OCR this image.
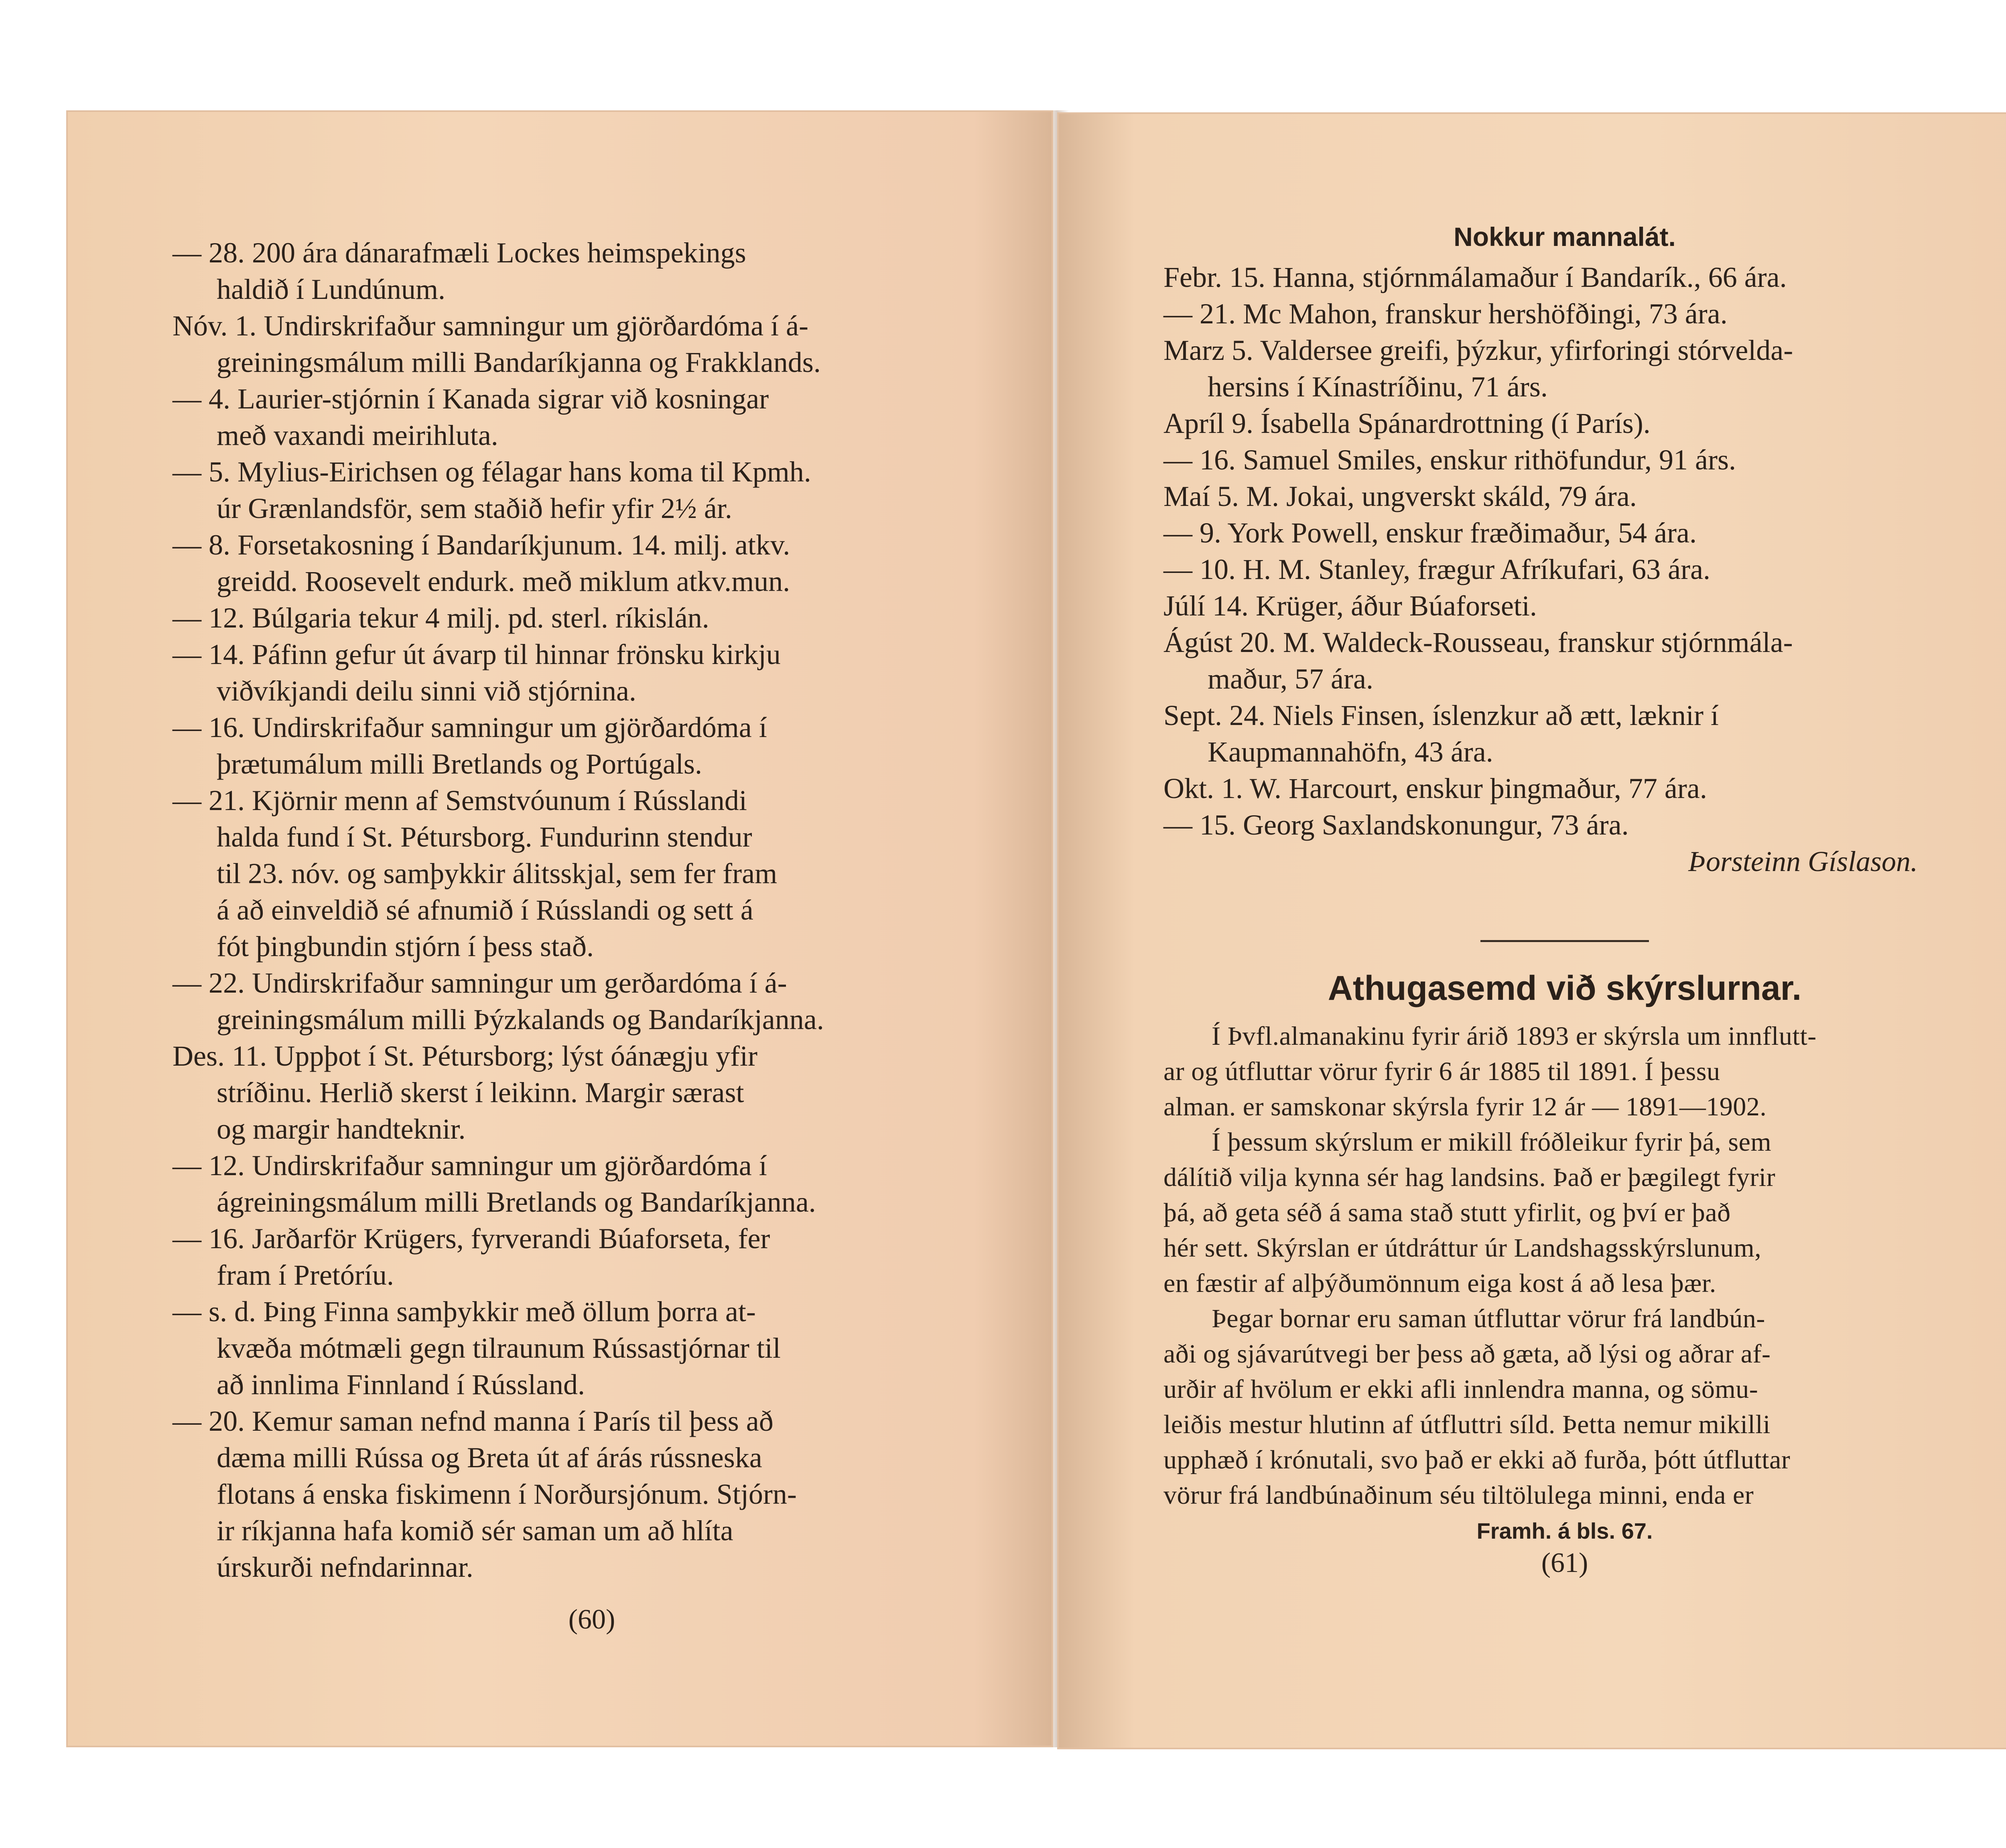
— 28. 200 ára dánarafmæli Lockes heimspekings
haldið í Lundúnum.
Nóv. 1. Undirskrifaður samningur um gjörðardóma í á-
greiningsmálum milli Bandaríkjanna og Frakklands.
— 4. Laurier-stjórnin í Kanada sigrar við kosningar
með vaxandi meirihluta.
— 5. Mylius-Eirichsen og félagar hans koma til Kpmh.
úr Grænlandsför, sem staðið hefir yfir 2½ ár.
— 8. Forsetakosning í Bandaríkjunum. 14. milj. atkv.
greidd. Roosevelt endurk. með miklum atkv.mun.
— 12. Búlgaria tekur 4 milj. pd. sterl. ríkislán.
— 14. Páfinn gefur út ávarp til hinnar frönsku kirkju
viðvíkjandi deilu sinni við stjórnina.
— 16. Undirskrifaður samningur um gjörðardóma í
þrætumálum milli Bretlands og Portúgals.
— 21. Kjörnir menn af Semstvóunum í Rússlandi
halda fund í St. Pétursborg. Fundurinn stendur
til 23. nóv. og samþykkir álitsskjal, sem fer fram
á að einveldið sé afnumið í Rússlandi og sett á
fót þingbundin stjórn í þess stað.
— 22. Undirskrifaður samningur um gerðardóma í á-
greiningsmálum milli Þýzkalands og Bandaríkjanna.
Des. 11. Uppþot í St. Pétursborg; lýst óánægju yfir
stríðinu. Herlið skerst í leikinn. Margir særast
og margir handteknir.
— 12. Undirskrifaður samningur um gjörðardóma í
ágreiningsmálum milli Bretlands og Bandaríkjanna.
— 16. Jarðarför Krügers, fyrverandi Búaforseta, fer
fram í Pretóríu.
— s. d. Þing Finna samþykkir með öllum þorra at-
kvæða mótmæli gegn tilraunum Rússastjórnar til
að innlima Finnland í Rússland.
— 20. Kemur saman nefnd manna í París til þess að
dæma milli Rússa og Breta út af árás rússneska
flotans á enska fiskimenn í Norðursjónum. Stjórn-
ir ríkjanna hafa komið sér saman um að hlíta
úrskurði nefndarinnar.
(60)
Nokkur mannalát.
Febr. 15. Hanna, stjórnmálamaður í Bandarík., 66 ára.
— 21. Mc Mahon, franskur hershöfðingi, 73 ára.
Marz 5. Valdersee greifi, þýzkur, yfirforingi stórvelda-
hersins í Kínastríðinu, 71 árs.
Apríl 9. Ísabella Spánardrottning (í París).
— 16. Samuel Smiles, enskur rithöfundur, 91 árs.
Maí 5. M. Jokai, ungverskt skáld, 79 ára.
— 9. York Powell, enskur fræðimaður, 54 ára.
— 10. H. M. Stanley, frægur Afríkufari, 63 ára.
Júlí 14. Krüger, áður Búaforseti.
Ágúst 20. M. Waldeck-Rousseau, franskur stjórnmála-
maður, 57 ára.
Sept. 24. Niels Finsen, íslenzkur að ætt, læknir í
Kaupmannahöfn, 43 ára.
Okt. 1. W. Harcourt, enskur þingmaður, 77 ára.
— 15. Georg Saxlandskonungur, 73 ára.
Þorsteinn Gíslason.
Athugasemd við skýrslurnar.
Í Þvfl.almanakinu fyrir árið 1893 er skýrsla um innflutt-
ar og útfluttar vörur fyrir 6 ár 1885 til 1891. Í þessu
alman. er samskonar skýrsla fyrir 12 ár — 1891—1902.
Í þessum skýrslum er mikill fróðleikur fyrir þá, sem
dálítið vilja kynna sér hag landsins. Það er þægilegt fyrir
þá, að geta séð á sama stað stutt yfirlit, og því er það
hér sett. Skýrslan er útdráttur úr Landshagsskýrslunum,
en fæstir af alþýðumönnum eiga kost á að lesa þær.
Þegar bornar eru saman útfluttar vörur frá landbún-
aði og sjávarútvegi ber þess að gæta, að lýsi og aðrar af-
urðir af hvölum er ekki afli innlendra manna, og sömu-
leiðis mestur hlutinn af útfluttri síld. Þetta nemur mikilli
upphæð í krónutali, svo það er ekki að furða, þótt útfluttar
vörur frá landbúnaðinum séu tiltölulega minni, enda er
Framh. á bls. 67.
(61)
